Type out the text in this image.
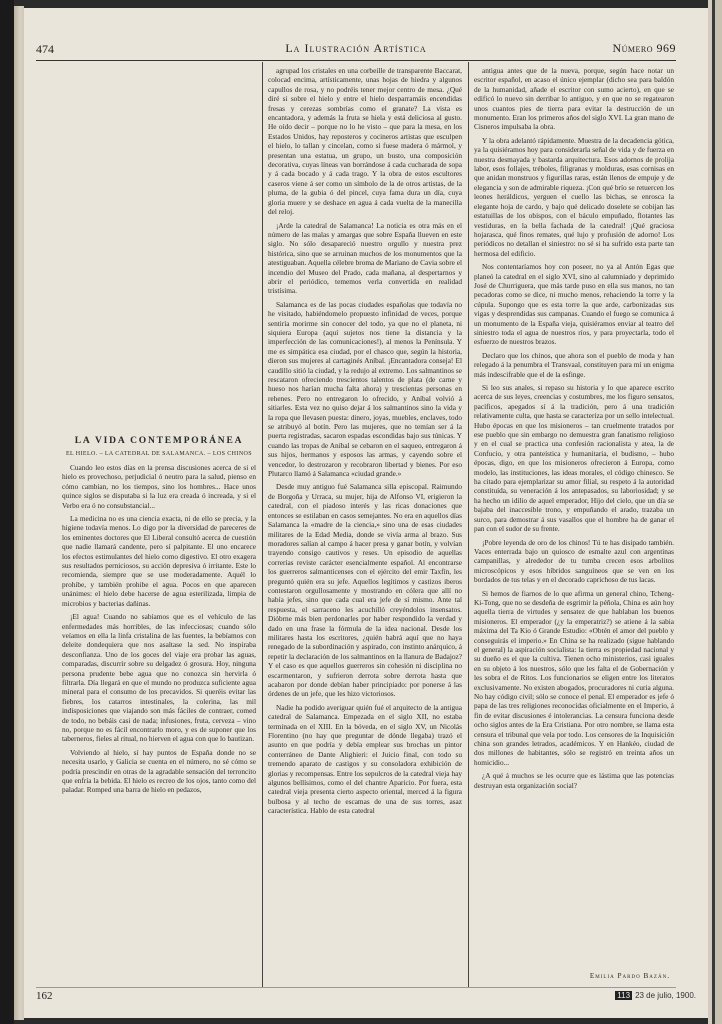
474	La Ilustración Artística	Número 969
LA VIDA CONTEMPORÁNEA
EL HIELO. – LA CATEDRAL DE SALAMANCA. – LOS CHINOS

Cuando leo estos días en la prensa discusiones acerca de si el hielo es provechoso, perjudicial ó neutro para la salud, pienso en cómo cambian, no los tiempos, sino los hombres... Hace unos quince siglos se disputaba si la luz era creada ó increada, y si el Verbo era ó no consubstancial...

La medicina no es una ciencia exacta, ni de ello se precia, y la higiene todavía menos. Lo digo por la diversidad de pareceres de los eminentes doctores que El Liberal consultó acerca de cuestión que nadie llamará candente, pero sí palpitante. El uno encarece los efectos estimulantes del hielo como digestivo. El otro exagera sus resultados perniciosos, su acción depresiva ó irritante. Este lo recomienda, siempre que se use moderadamente. Aquél lo prohibe, y también prohibe el agua. Pocos en que aparecen unánimes: el hielo debe hacerse de agua esterilizada, limpia de microbios y bacterias dañinas.

¡El agua! Cuando no sabíamos que es el vehículo de las enfermedades más horribles, de las infecciosas; cuando sólo veíamos en ella la linfa cristalina de las fuentes, la bebíamos con deleite dondequiera que nos asaltase la sed. No inspiraba desconfianza. Uno de los goces del viaje era probar las aguas, comparadas, discurrir sobre su delgadez ó grosura. Hoy, ninguna persona prudente bebe agua que no conozca sin hervirla ó filtrarla. Día llegará en que el mundo no produzca suficiente agua mineral para el consumo de los precavidos. Si queréis evitar las fiebres, los catarros intestinales, la colerina, las mil indisposiciones que viajando son más fáciles de contraer, comed de todo, no bebáis casi de nada; infusiones, fruta, cerveza – vino no, porque no es fácil encontrarlo moro, y es de suponer que los taberneros, fieles al ritual, no hierven el agua con que lo bautizan.

Volviendo al hielo, sí hay puntos de España donde no se necesita usarlo, y Galicia se cuenta en el número, no sé cómo se podría prescindir en otras de la agradable sensación del terroncito que enfría la bebida. El hielo es recreo de los ojos, tanto como del paladar. Romped una barra de hielo en pedazos,

agrupad los cristales en una corbeille de transparente Baccarat, colocad encima, artísticamente, unas hojas de hiedra y algunos capullos de rosa, y no podréis tener mejor centro de mesa. ¿Qué diré si sobre el hielo y entre el hielo desparramáis encendidas fresas y cerezas sombrías como el granate? La vista es encantadora, y además la fruta se hiela y está deliciosa al gusto. He oído decir – porque no lo he visto – que para la mesa, en los Estados Unidos, hay reposteros y cocineros artistas que esculpen el hielo, lo tallan y cincelan, como si fuese madera ó mármol, y presentan una estatua, un grupo, un busto, una composición decorativa, cuyas líneas van borrándose á cada cucharada de sopa y á cada bocado y á cada trago. Y la obra de estos escultores caseros viene á ser como un símbolo de la de otros artistas, de la pluma, de la gubia ó del pincel, cuya fama dura un día, cuya gloria muere y se deshace en agua á cada vuelta de la manecilla del reloj.

¡Arde la catedral de Salamanca! La noticia es otra más en el número de las malas y amargas que sobre España llueven en este siglo. No sólo desapareció nuestro orgullo y nuestra prez histórica, sino que se arruinan muchos de los monumentos que la atestiguaban. Aquella célebre broma de Mariano de Cavia sobre el incendio del Museo del Prado, cada mañana, al despertarnos y abrir el periódico, tememos verla convertida en realidad tristísima.

Salamanca es de las pocas ciudades españolas que todavía no he visitado, habiéndomelo propuesto infinidad de veces, porque sentiría morirme sin conocer del todo, ya que no el planeta, ni siquiera Europa (aquí sujetos nos tiene la distancia y la imperfección de las comunicaciones!), al menos la Península. Y me es simpática esa ciudad, por el chasco que, según la historia, dieron sus mujeres al cartaginés Aníbal. ¡Encantadora conseja! El caudillo sitió la ciudad, y la redujo al extremo. Los salmantinos se rescataron ofreciendo trescientos talentos de plata (de carne y hueso nos harían mucha falta ahora) y trescientas personas en rehenes. Pero no entregaron lo ofrecido, y Aníbal volvió á sitiarles. Esta vez no quiso dejar á los salmantinos sino la vida y la ropa que llevasen puesta: dinero, joyas, muebles, enclaves, todo se atribuyó al botín. Pero las mujeres, que no temían ser á la puerta registradas, sacaron espadas escondidas bajo sus túnicas. Y cuando las tropas de Aníbal se cebaron en el saqueo, entregaron á sus hijos, hermanos y esposos las armas, y cayendo sobre el vencedor, lo destrozaron y recobraron libertad y bienes. Por eso Plutarco llamó á Salamanca «ciudad grande.»

Desde muy antiguo fué Salamanca silla episcopal. Raimundo de Borgoña y Urraca, su mujer, hija de Alfonso VI, erigieron la catedral, con el piadoso interés y las ricas donaciones que entonces se estilaban en casos semejantes. No era en aquellos días Salamanca la «madre de la ciencia,» sino una de esas ciudades militares de la Edad Media, donde se vivía arma al brazo. Sus moradores salían al campo á hacer presa y ganar botín, y volvían trayendo consigo cautivos y reses. Un episodio de aquellas correrías reviste carácter esencialmente español. Al encontrarse los guerreros salmanticenses con el ejército del emir Taxfín, les preguntó quién era su jefe. Aquellos legítimos y castizos iberos contestaron orgullosamente y mostrando en cólera que allí no había jefes, sino que cada cual era jefe de sí mismo. Ante tal respuesta, el sarraceno les acuchilló creyéndolos insensatos. Dióbrne más bien perdonarles por haber respondido la verdad y dado en una frase la fórmula de la idea nacional. Desde los militares hasta los escritores, ¿quién habrá aquí que no haya renegado de la subordinación y aspirado, con instinto anárquico, á repetir la declaración de los salmantinos en la llanura de Badajoz? Y el caso es que aquellos guerreros sin cohesión ni disciplina no escarmentaron, y sufrieron derrota sobre derrota hasta que acabaron por donde debían haber principiado: por ponerse á las órdenes de un jefe, que les hizo victoriosos.

Nadie ha podido averiguar quién fué el arquitecto de la antigua catedral de Salamanca. Empezada en el siglo XII, no estaba terminada en el XIII. En la bóveda, en el siglo XV, un Nicolás Florentino (no hay que preguntar de dónde llegaba) trazó el asunto en que podría y debía emplear sus brochas un pintor conterráneo de Dante Alighieri: el Juicio final, con todo su tremendo aparato de castigos y su consoladora exhibición de glorias y recompensas. Entre los sepulcros de la catedral vieja hay algunos bellísimos, como el del chantre Aparicio. Por fuera, esta catedral vieja presenta cierto aspecto oriental, merced á la figura bulbosa y al techo de escamas de una de sus torres, asaz característica. Hablo de esta catedral

antigua antes que de la nueva, porque, según hace notar un escritor español, en acaso el único ejemplar (dicho sea para baldón de la humanidad, añade el escritor con sumo acierto), en que se edificó lo nuevo sin derribar lo antiguo, y en que no se regatearon unos cuantos pies de tierra para evitar la destrucción de un monumento. Eran los primeros años del siglo XVI. La gran mano de Cisneros impulsaba la obra.

Y la obra adelantó rápidamente. Muestra de la decadencia gótica, ya la quisiéramos hoy para considerarla señal de vida y de fuerza en nuestra desmayada y bastarda arquitectura. Esos adornos de prolija labor, esos follajes, tréboles, filigranas y molduras, esas cornisas en que anidan monstruos y figurillas raras, están llenos de empuje y de elegancia y son de admirable riqueza. ¡Con qué brío se retuercen los leones heráldicos, yerguen el cuello las bichas, se enrosca la elegante hoja de cardo, y bajo qué delicado doselete se cobijan las estatuillas de los obispos, con el báculo empuñado, flotantes las vestiduras, en la bella fachada de la catedral! ¡Qué graciosa hojarasca, qué finos remates, qué lujo y profusión de adorno! Los periódicos no detallan el siniestro: no sé si ha sufrido esta parte tan hermosa del edificio.

Nos contentaríamos hoy con poseer, no ya al Antón Egas que planeó la catedral en el siglo XVI, sino al calumniado y deprimido José de Churriguera, que más tarde puso en ella sus manos, no tan pecadoras como se dice, ni mucho menos, rehaciendo la torre y la cúpula. Supongo que es esta torre la que arde, carbonizadas sus vigas y desprendidas sus campanas. Cuando el fuego se comunica á un monumento de la España vieja, quisiéramos enviar al teatro del siniestro toda el agua de nuestros ríos, y para proyectarla, todo el esfuerzo de nuestros brazos.

Declaro que los chinos, que ahora son el pueblo de moda y han relegado á la penumbra el Transvaal, constituyen para mí un enigma más indescifrable que el de la esfinge.

Si leo sus anales, si repaso su historia y lo que aparece escrito acerca de sus leyes, creencias y costumbres, me los figuro sensatos, pacíficos, apegados sí á la tradición, pero á una tradición relativamente culta, que hasta se caracteriza por un sello intelectual. Hubo épocas en que los misioneros – tan cruelmente tratados por ese pueblo que sin embargo no demuestra gran fanatismo religioso y en el cual se practica una confesión racionalista y atea, la de Confucio, y otra panteística y humanitaria, el budismo, – hubo épocas, digo, en que los misioneros ofrecieron á Europa, como modelo, las instituciones, las ideas morales, el código chinesco. Se ha citado para ejemplarizar su amor filial, su respeto á la autoridad constituída, su veneración á los antepasados, su laboriosidad; y se ha hecho un idilio de aquel emperador, Hijo del cielo, que un día se bajaba del inaccesible trono, y empuñando el arado, trazaba un surco, para demostrar á sus vasallos que el hombre ha de ganar el pan con el sudor de su frente.

¡Pobre leyenda de oro de los chinos! Tú te has disipado también. Vaces enterrada bajo un quiosco de esmalte azul con argentinas campanillas, y alrededor de tu tumba crecen esos arbolitos microscópicos y esos híbridos sanguíneos que se ven en los bordados de tus telas y en el decorado caprichoso de tus lacas.

Si hemos de fiarnos de lo que afirma un general chino, Tcheng-Ki-Tong, que no se desdeña de esgrimir la péñola, China es aún hoy aquella tierra de virtudes y sensatez de que hablaban los buenos misioneros. El emperador (¿y la emperatriz?) se atiene á la sabia máxima del Ta Kio ó Grande Estudio: «Obtén el amor del pueblo y conseguirás el imperio.» En China se ha realizado (sigue hablando el general) la aspiración socialista: la tierra es propiedad nacional y su dueño es el que la cultiva. Tienen ocho ministerios, casi iguales en su objeto á los nuestros, sólo que les falta el de Gobernación y les sobra el de Ritos. Los funcionarios se eligen entre los literatos exclusivamente. No existen abogados, procuradores ni curia alguna. No hay código civil; sólo se conoce el penal. El emperador es jefe ó papa de las tres religiones reconocidas oficialmente en el Imperio, á fin de evitar discusiones é intolerancias. La censura funciona desde ocho siglos antes de la Era Cristiana. Por otro nombre, se llama esta censura el tribunal que vela por todo. Los censores de la Inquisición china son grandes letrados, académicos. Y en Hankéo, ciudad de dos millones de habitantes, sólo se registró en treinta años un homicidio...

¿A qué á muchos se les ocurre que es lástima que las potencias destruyan esta organización social?

Emilia Pardo Bazán.
162	113 23 de julio, 1900.
